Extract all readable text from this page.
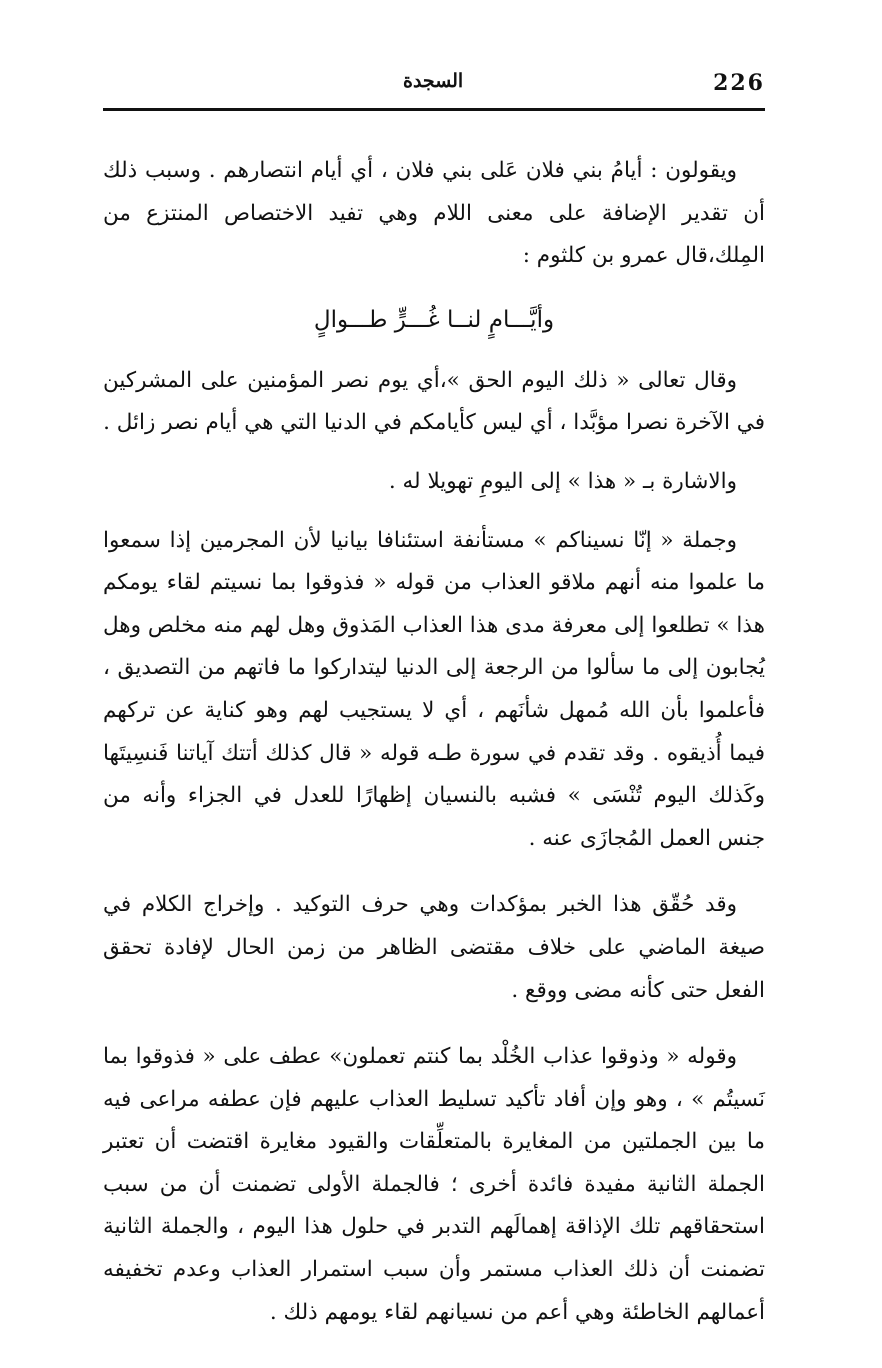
226
السجدة

ويقولون : أيامُ بني فلان عَلى بني فلان ، أي أيام انتصارهم . وسبب ذلك أن تقدير الإضافة على معنى اللام وهي تفيد الاختصاص المنتزع من المِلك،قال عمرو بن كلثوم :

وأيَّـــامٍ لنــا غُـــرٍّ طـــوالٍ

وقال تعالى « ذلك اليوم الحق »،أي يوم نصر المؤمنين على المشركين في الآخرة نصرا مؤبَّدا ، أي ليس كأيامكم في الدنيا التي هي أيام نصر زائل .

والاشارة بـ « هذا » إلى اليومِ تهويلا له .

وجملة « إنّا نسيناكم » مستأنفة استئنافا بيانيا لأن المجرمين إذا سمعوا ما علموا منه أنهم ملاقو العذاب من قوله « فذوقوا بما نسيتم لقاء يومكم هذا » تطلعوا إلى معرفة مدى هذا العذاب المَذوق وهل لهم منه مخلص وهل يُجابون إلى ما سألوا من الرجعة إلى الدنيا ليتداركوا ما فاتهم من التصديق ، فأعلموا بأن الله مُمهل شأنَهم ، أي لا يستجيب لهم وهو كناية عن تركهم فيما أُذيقوه . وقد تقدم في سورة طـه قوله « قال كذلك أتتك آياتنا فَنسِيتَها وكَذلك اليوم تُنْسَى » فشبه بالنسيان إظهارًا للعدل في الجزاء وأنه من جنس العمل المُجازَى عنه .

وقد حُقّق هذا الخبر بمؤكدات وهي حرف التوكيد . وإخراج الكلام في صيغة الماضي على خلاف مقتضى الظاهر من زمن الحال لإفادة تحقق الفعل حتى كأنه مضى ووقع .

وقوله « وذوقوا عذاب الخُلْد بما كنتم تعملون» عطف على « فذوقوا بما نَسيتُم » ، وهو وإن أفاد تأكيد تسليط العذاب عليهم فإن عطفه مراعى فيه ما بين الجملتين من المغايرة بالمتعلِّقات والقيود مغايرة اقتضت أن تعتبر الجملة الثانية مفيدة فائدة أخرى ؛ فالجملة الأولى تضمنت أن من سبب استحقاقهم تلك الإذاقة إهمالَهم التدبر في حلول هذا اليوم ، والجملة الثانية تضمنت أن ذلك العذاب مستمر وأن سبب استمرار العذاب وعدم تخفيفه أعمالهم الخاطئة وهي أعم من نسيانهم لقاء يومهم ذلك .
